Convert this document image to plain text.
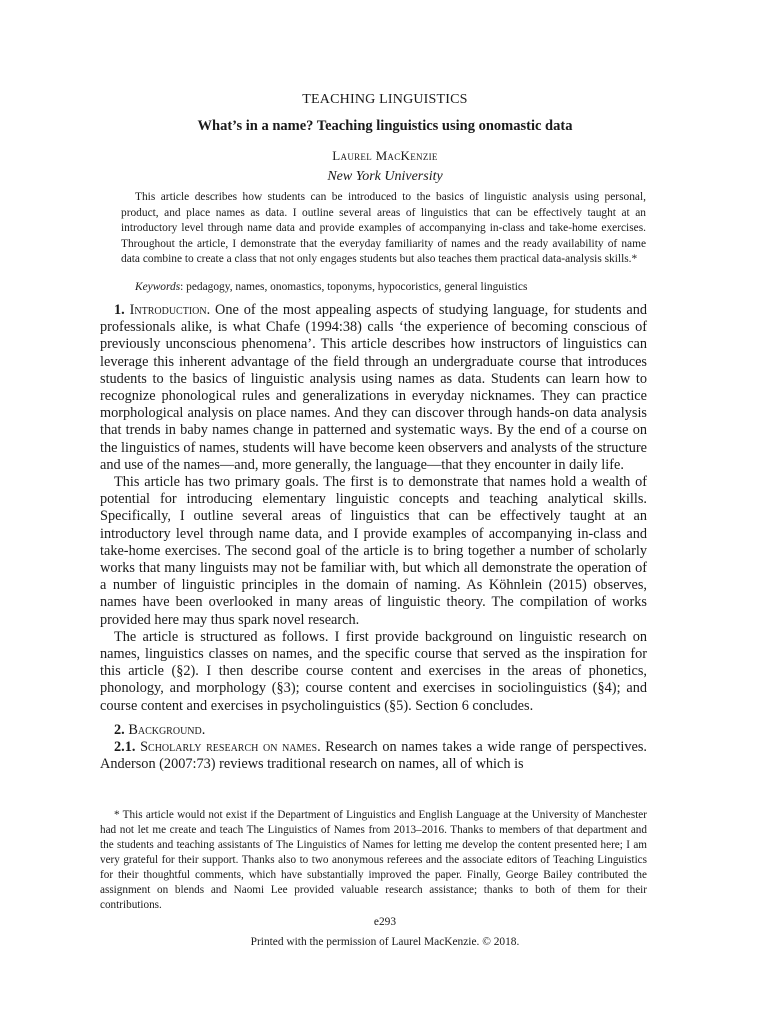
TEACHING LINGUISTICS
What’s in a name? Teaching linguistics using onomastic data
Laurel MacKenzie
New York University
This article describes how students can be introduced to the basics of linguistic analysis using personal, product, and place names as data. I outline several areas of linguistics that can be effectively taught at an introductory level through name data and provide examples of accompanying in-class and take-home exercises. Throughout the article, I demonstrate that the everyday familiarity of names and the ready availability of name data combine to create a class that not only engages students but also teaches them practical data-analysis skills.*
Keywords: pedagogy, names, onomastics, toponyms, hypocoristics, general linguistics

1. Introduction. One of the most appealing aspects of studying language, for students and professionals alike, is what Chafe (1994:38) calls ‘the experience of becoming conscious of previously unconscious phenomena’. This article describes how instructors of linguistics can leverage this inherent advantage of the field through an undergraduate course that introduces students to the basics of linguistic analysis using names as data. Students can learn how to recognize phonological rules and generalizations in everyday nicknames. They can practice morphological analysis on place names. And they can discover through hands-on data analysis that trends in baby names change in patterned and systematic ways. By the end of a course on the linguistics of names, students will have become keen observers and analysts of the structure and use of the names—and, more generally, the language—that they encounter in daily life.

This article has two primary goals. The first is to demonstrate that names hold a wealth of potential for introducing elementary linguistic concepts and teaching analytical skills. Specifically, I outline several areas of linguistics that can be effectively taught at an introductory level through name data, and I provide examples of accompanying in-class and take-home exercises. The second goal of the article is to bring together a number of scholarly works that many linguists may not be familiar with, but which all demonstrate the operation of a number of linguistic principles in the domain of naming. As Köhnlein (2015) observes, names have been overlooked in many areas of linguistic theory. The compilation of works provided here may thus spark novel research.

The article is structured as follows. I first provide background on linguistic research on names, linguistics classes on names, and the specific course that served as the inspiration for this article (§2). I then describe course content and exercises in the areas of phonetics, phonology, and morphology (§3); course content and exercises in sociolinguistics (§4); and course content and exercises in psycholinguistics (§5). Section 6 concludes.

2. Background.

2.1. Scholarly research on names. Research on names takes a wide range of perspectives. Anderson (2007:73) reviews traditional research on names, all of which is

* This article would not exist if the Department of Linguistics and English Language at the University of Manchester had not let me create and teach The Linguistics of Names from 2013–2016. Thanks to members of that department and the students and teaching assistants of The Linguistics of Names for letting me develop the content presented here; I am very grateful for their support. Thanks also to two anonymous referees and the associate editors of Teaching Linguistics for their thoughtful comments, which have substantially improved the paper. Finally, George Bailey contributed the assignment on blends and Naomi Lee provided valuable research assistance; thanks to both of them for their contributions.

e293
Printed with the permission of Laurel MacKenzie. © 2018.
